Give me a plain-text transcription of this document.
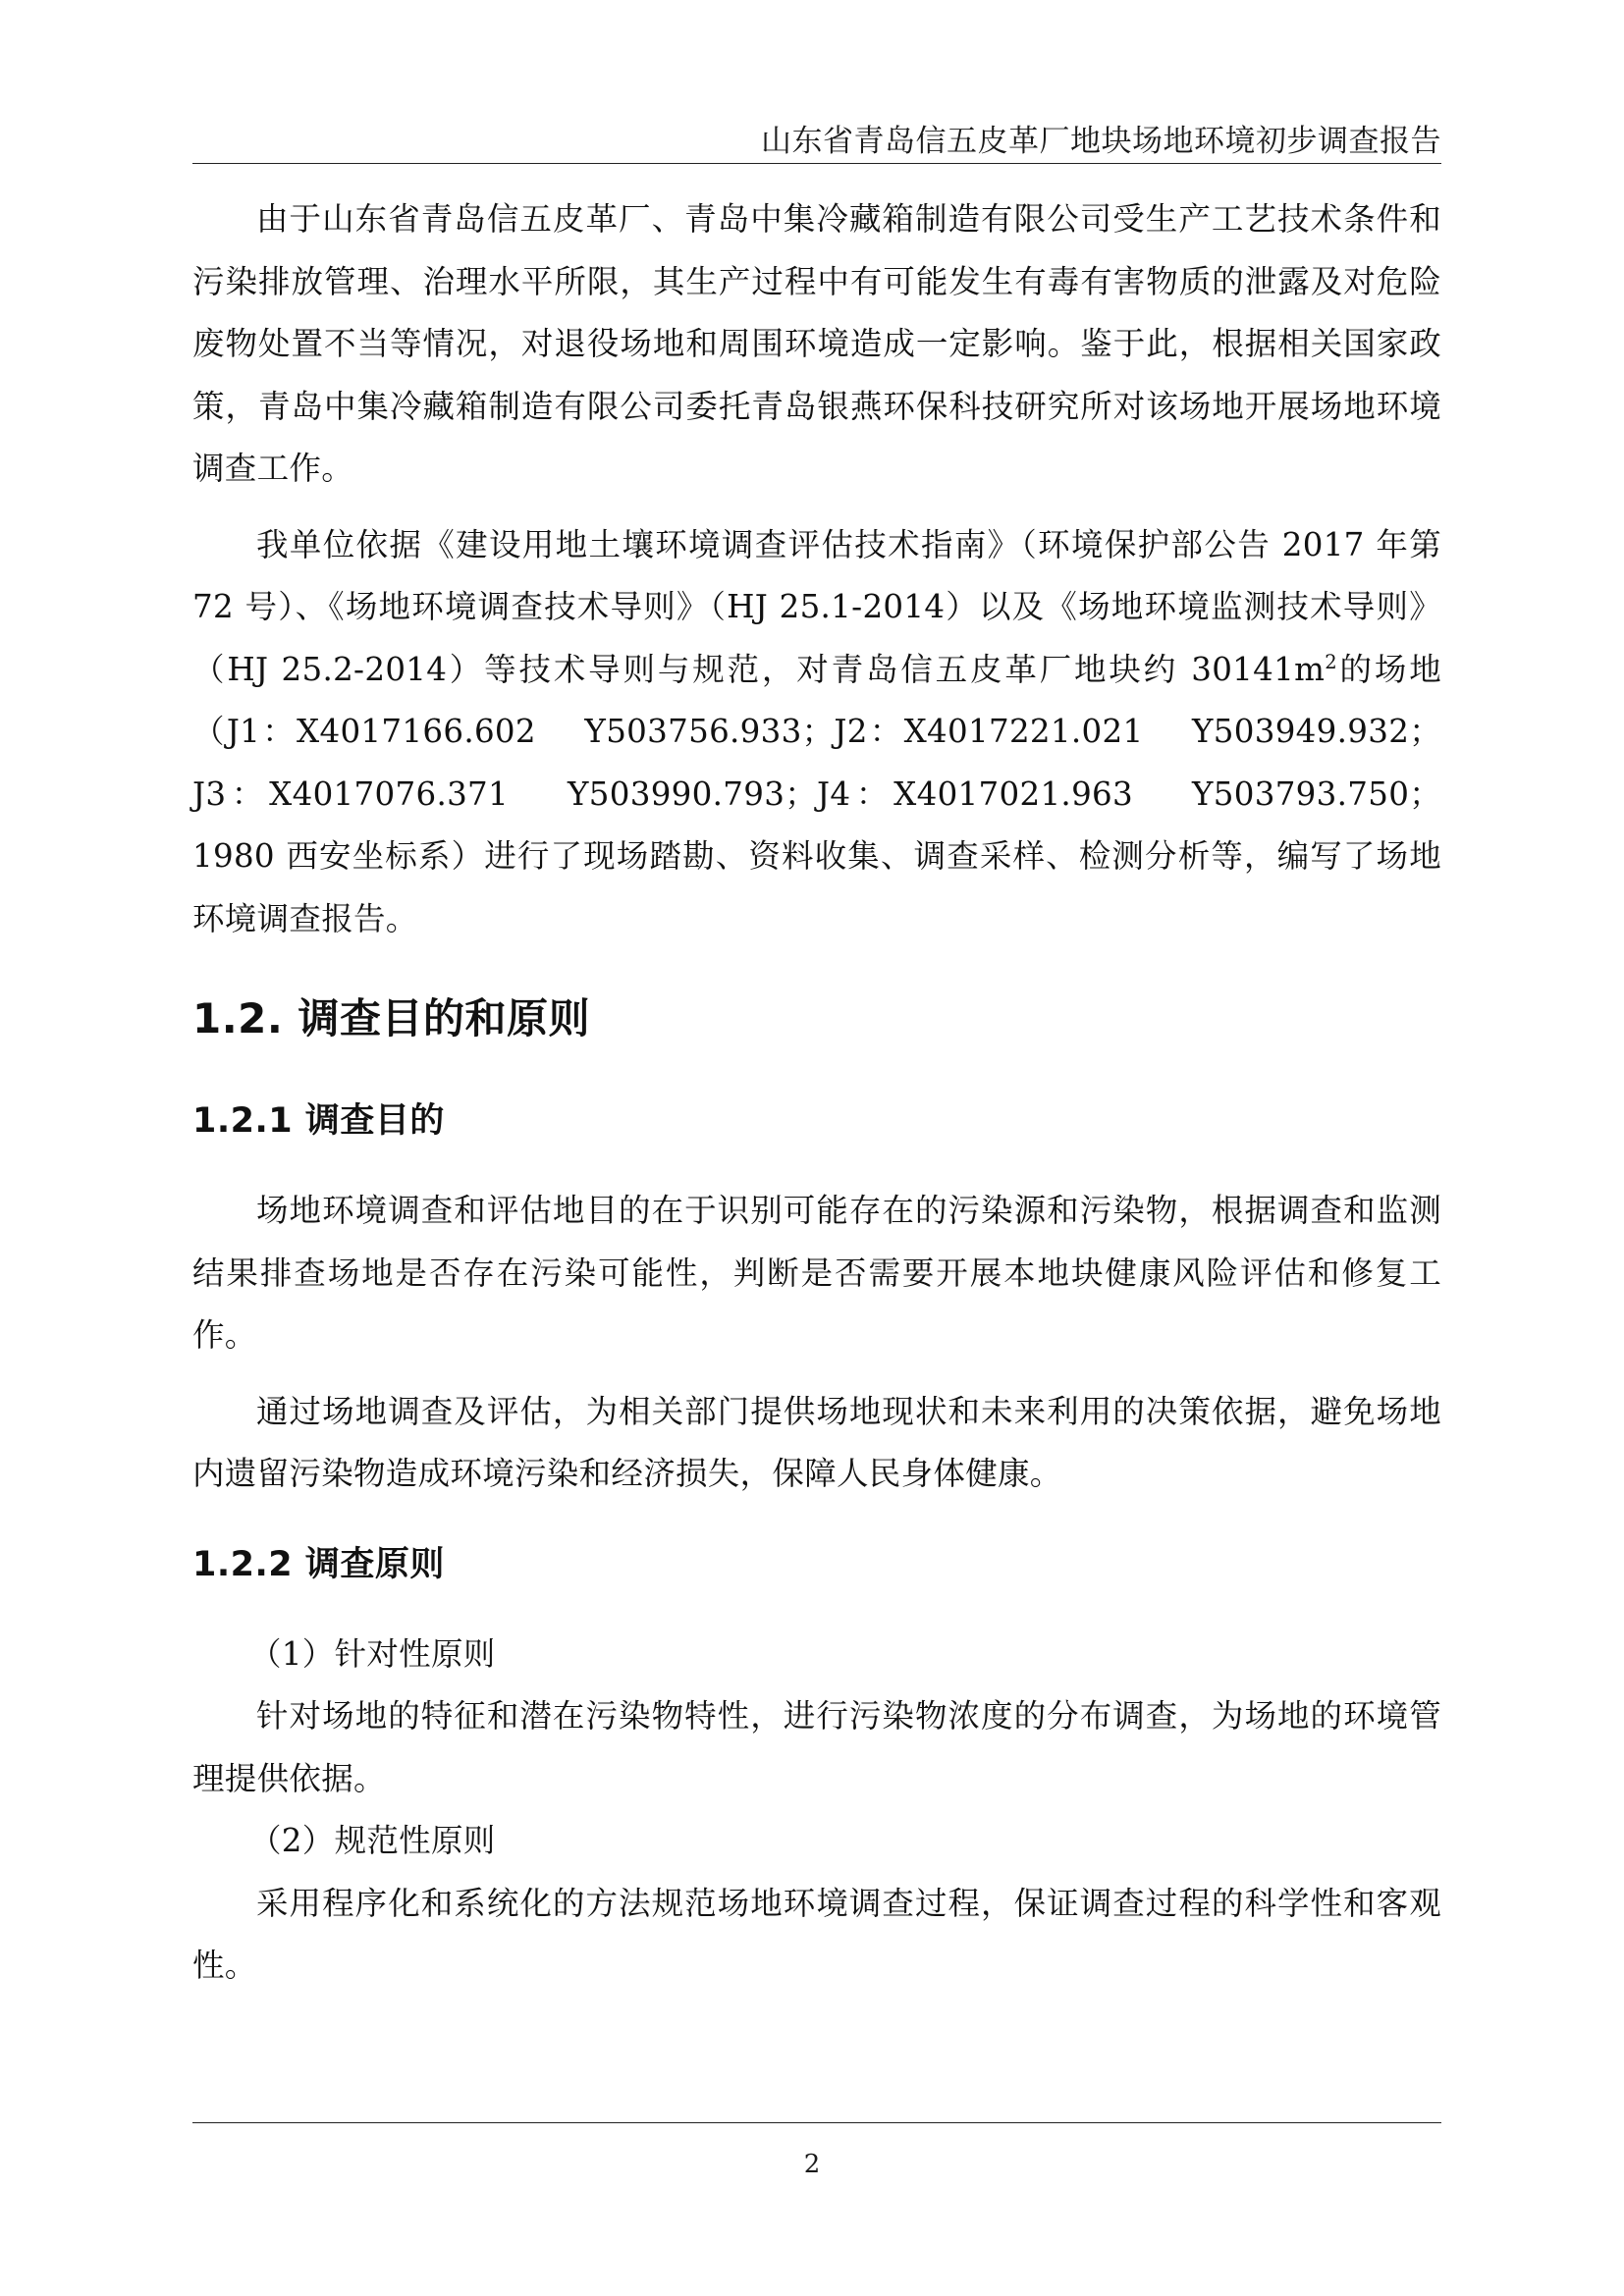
山东省青岛信五皮革厂地块场地环境初步调查报告

由于山东省青岛信五皮革厂、青岛中集冷藏箱制造有限公司受生产工艺技术条件和污染排放管理、治理水平所限，其生产过程中有可能发生有毒有害物质的泄露及对危险废物处置不当等情况，对退役场地和周围环境造成一定影响。鉴于此，根据相关国家政策，青岛中集冷藏箱制造有限公司委托青岛银燕环保科技研究所对该场地开展场地环境调查工作。

我单位依据《建设用地土壤环境调查评估技术指南》（环境保护部公告 2017 年第 72 号）、《场地环境调查技术导则》（HJ 25.1-2014）以及《场地环境监测技术导则》（HJ 25.2-2014）等技术导则与规范，对青岛信五皮革厂地块约 $30141m^2$的场地（J1：X4017166.602　 Y503756.933；J2：X4017221.021　 Y503949.932；J3：X4017076.371　 Y503990.793；J4：X4017021.963　 Y503793.750；1980 西安坐标系）进行了现场踏勘、资料收集、调查采样、检测分析等，编写了场地环境调查报告。

1.2. 调查目的和原则
1.2.1 调查目的

场地环境调查和评估地目的在于识别可能存在的污染源和污染物，根据调查和监测结果排查场地是否存在污染可能性，判断是否需要开展本地块健康风险评估和修复工作。

通过场地调查及评估，为相关部门提供场地现状和未来利用的决策依据，避免场地内遗留污染物造成环境污染和经济损失，保障人民身体健康。

1.2.2 调查原则

（1）针对性原则

针对场地的特征和潜在污染物特性，进行污染物浓度的分布调查，为场地的环境管理提供依据。

（2）规范性原则

采用程序化和系统化的方法规范场地环境调查过程，保证调查过程的科学性和客观性。

2
